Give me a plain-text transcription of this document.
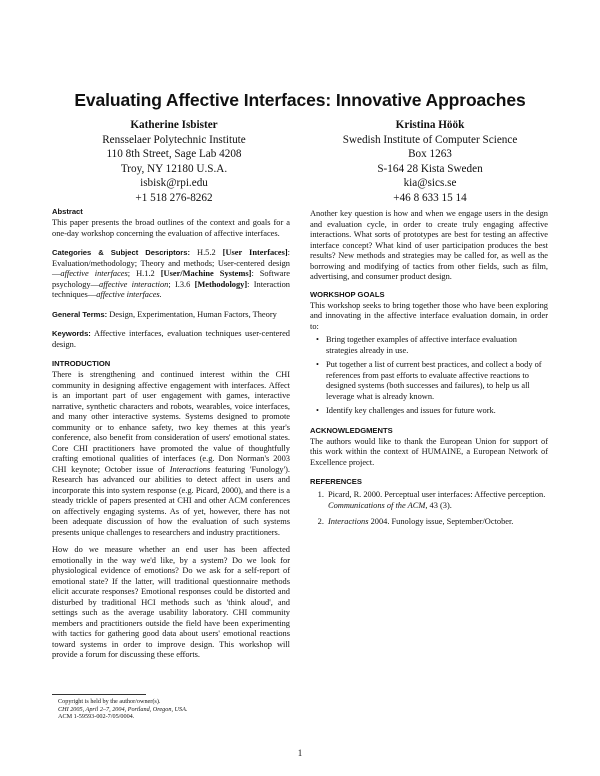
Evaluating Affective Interfaces: Innovative Approaches
Katherine Isbister
Rensselaer Polytechnic Institute
110 8th Street, Sage Lab 4208
Troy, NY 12180 U.S.A.
isbisk@rpi.edu
+1 518 276-8262
Kristina Höök
Swedish Institute of Computer Science
Box 1263
S-164 28 Kista Sweden
kia@sics.se
+46 8 633 15 14
Abstract
This paper presents the broad outlines of the context and goals for a one-day workshop concerning the evaluation of affective interfaces.
Categories & Subject Descriptors: H.5.2 [User Interfaces]: Evaluation/methodology; Theory and methods; User-centered design—affective interfaces; H.1.2 [User/Machine Systems]: Software psychology—affective interaction; I.3.6 [Methodology]: Interaction techniques—affective interfaces.
General Terms: Design, Experimentation, Human Factors, Theory
Keywords: Affective interfaces, evaluation techniques user-centered design.
INTRODUCTION
There is strengthening and continued interest within the CHI community in designing affective engagement with interfaces. Affect is an important part of user engagement with games, interactive narrative, synthetic characters and robots, wearables, voice interfaces, and many other interactive systems. Systems designed to promote community or to enhance safety, two key themes at this year's conference, also benefit from consideration of users' emotional states. Core CHI practitioners have promoted the value of thoughtfully crafting emotional qualities of interfaces (e.g. Don Norman's 2003 CHI keynote; October issue of Interactions featuring 'Funology'). Research has advanced our abilities to detect affect in users and incorporate this into system response (e.g. Picard, 2000), and there is a steady trickle of papers presented at CHI and other ACM conferences on affectively engaging systems. As of yet, however, there has not been adequate discussion of how the evaluation of such systems presents unique challenges to researchers and industry practitioners.
How do we measure whether an end user has been affected emotionally in the way we'd like, by a system? Do we look for physiological evidence of emotions? Do we ask for a self-report of emotional state? If the latter, will traditional questionnaire methods elicit accurate responses? Emotional responses could be distorted and disturbed by traditional HCI methods such as 'think aloud', and settings such as the average usability laboratory. CHI community members and practitioners outside the field have been experimenting with tactics for gathering good data about users' emotional reactions toward systems in order to improve design. This workshop will provide a forum for discussing these efforts.
Another key question is how and when we engage users in the design and evaluation cycle, in order to create truly engaging affective interactions. What sorts of prototypes are best for testing an affective interface concept? What kind of user participation produces the best results? New methods and strategies may be called for, as well as the borrowing and modifying of tactics from other fields, such as film, advertising, and consumer product design.
WORKSHOP GOALS
This workshop seeks to bring together those who have been exploring and innovating in the affective interface evaluation domain, in order to:
• Bring together examples of affective interface evaluation strategies already in use.
• Put together a list of current best practices, and collect a body of references from past efforts to evaluate affective reactions to designed systems (both successes and failures), to help us all leverage what is already known.
• Identify key challenges and issues for future work.
ACKNOWLEDGMENTS
The authors would like to thank the European Union for support of this work within the context of HUMAINE, a European Network of Excellence project.
REFERENCES
1. Picard, R. 2000. Perceptual user interfaces: Affective perception. Communications of the ACM, 43 (3).
2. Interactions 2004. Funology issue, September/October.
Copyright is held by the author/owner(s).
CHI 2005, April 2–7, 2004, Portland, Oregon, USA.
ACM 1-59593-002-7/05/0004.
1
